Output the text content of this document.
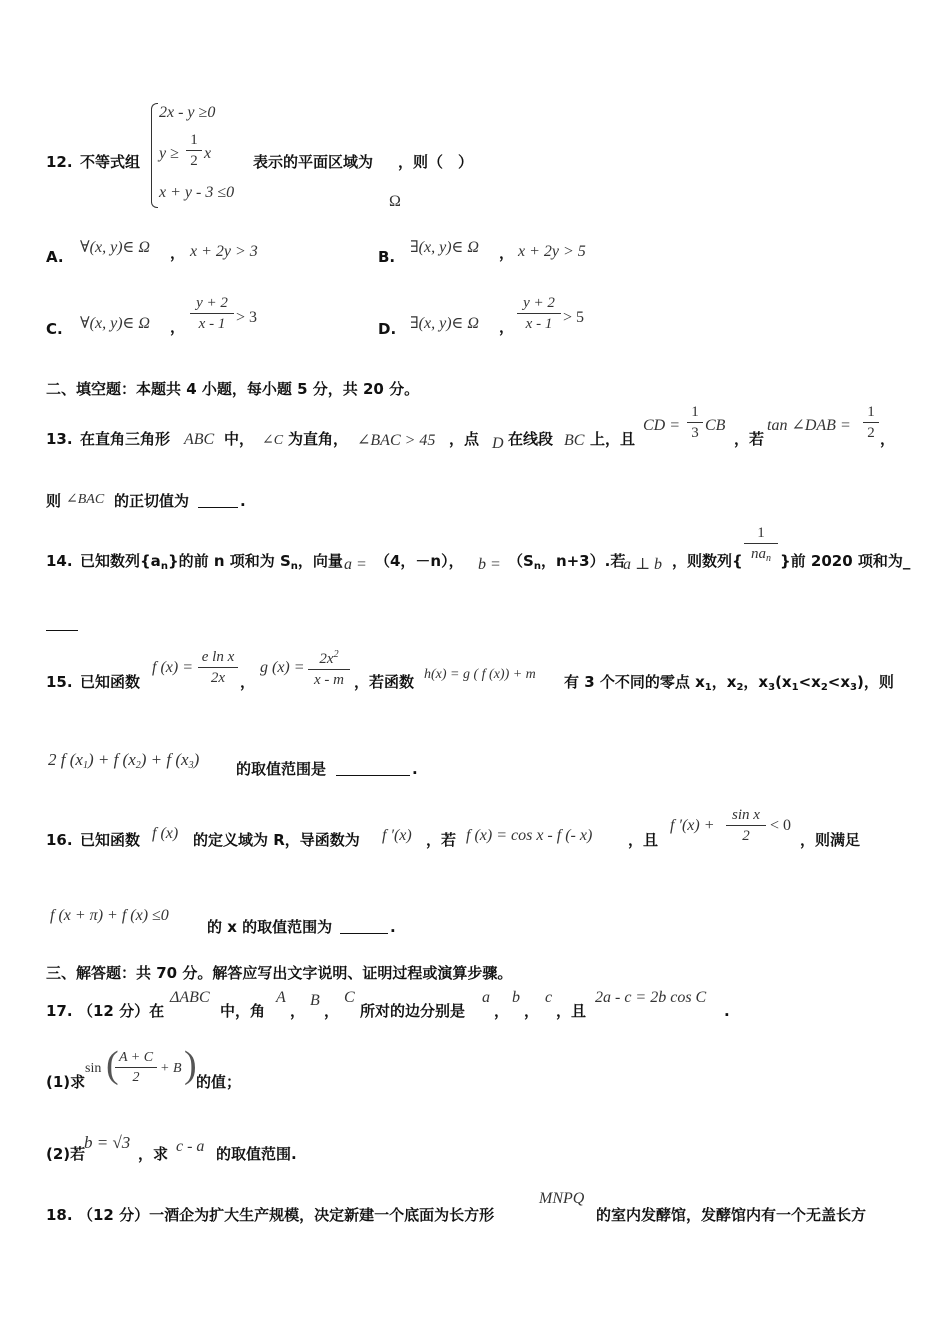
12. 不等式组
2x - y ≥0
$y \ge \frac{1}{2}$ x
x + y - 3 ≤0
表示的平面区域为 ，则（　）
Ω
A.
∀(x, y)∈ Ω ， x + 2y > 3	B.
∃(x, y)∈ Ω ， x + 2y > 5
C. ∀(x, y)∈ Ω ， $\frac{y + 2}{x - 1} > 3$
D. ∃(x, y)∈ Ω ， $\frac{y + 2}{x - 1} > 5$
二、填空题：本题共 4 小题，每小题 5 分，共 20 分。
13. 在直角三角形 ABC 中， ∠C 为直角， ∠BAC > 45 ，点 D 在线段 BC 上，且
CD = $\frac{1}{3}$ CB
，若
tan ∠DAB = $\frac{1}{2}$ ，
则 ∠BAC 的正切值为	.
14. 已知数列$\{a_n\}$的前 n 项和为 $S_n$，向量 a = （4，－n）， $b = (S_n$，n+3）.若
a ⊥ b ，则数列{
1
$na_n$ }前 2020 项和为_
15. 已知函数
f $(x) = \frac{\text{e ln x}}{2x}$ ，
g $(x) = \frac{2x^2}{x - m}$ ，若函数 h(x) = g ( f (x)) + m 有 3 个不同的零点 $x_1$，$x_2$，$x_3(x_1<x_2<x_3)$，则
2 f $(x_1) + f$ $(x_2) + f$ $(x_3)$ 的取值范围是	.
16. 已知函数 f (x) 的定义域为 R，导函数为 f ′(x) ，若 f (x) = cos x - f (- x) ，且
f $'(x) + \frac{\text{sin x}}{2} < 0$
，则满足
f (x + π) + f (x) ≤0
的 x 的取值范围为	.
三、解答题：共 70 分。解答应写出文字说明、证明过程或演算步骤。
17. （12 分）在
ΔABC
中，角
A
，
B
，
C
所对的边分别是
a
，
b
，
c
，且
2a - c = 2b cos C
.
(1)求
sin (
$\frac{A + C}{2} + B$ ) 的值；
(2)若
b = √3
，求 c - a 的取值范围.
18. （12 分）一酒企为扩大生产规模，决定新建一个底面为长方形
MNPQ
的室内发酵馆，发酵馆内有一个无盖长方
